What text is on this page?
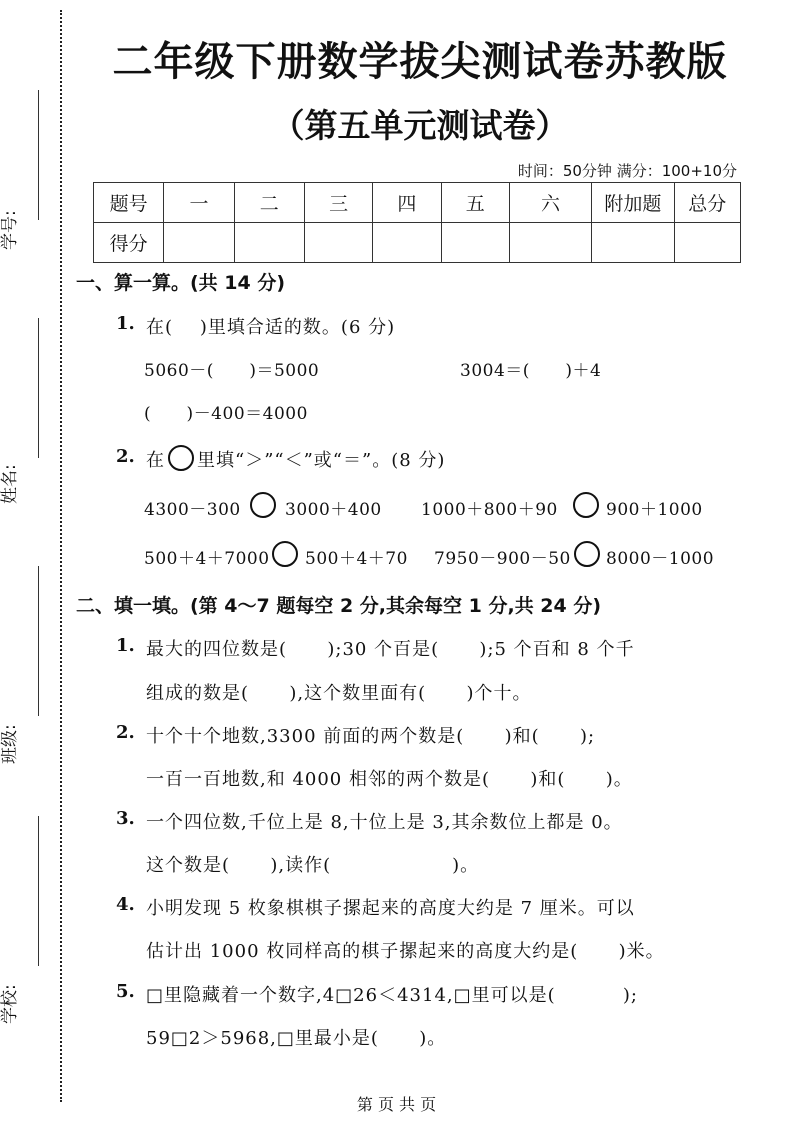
学号:
姓名:
班级:
学校:
二年级下册数学拔尖测试卷苏教版
（第五单元测试卷）
时间：50分钟 满分：100+10分
题号	一	二	三	四	五	六	附加题	总分
得分								
一、算一算。(共 14 分)
1. 在(    )里填合适的数。(6 分)
5060－(      )＝5000	3004＝(      )＋4
(      )－400＝4000
2. 在 里填“＞”“＜”或“＝”。(8 分)
4300－300	3000＋400 1000＋800＋90	900＋1000
500＋4＋7000 500＋4＋70 7950－900－50 8000－1000
二、填一填。(第 4～7 题每空 2 分,其余每空 1 分,共 24 分)
1. 最大的四位数是(      );30 个百是(      );5 个百和 8 个千
组成的数是(      ),这个数里面有(      )个十。
2. 十个十个地数,3300 前面的两个数是(      )和(      );
一百一百地数,和 4000 相邻的两个数是(      )和(      )。
3. 一个四位数,千位上是 8,十位上是 3,其余数位上都是 0。
这个数是(      ),读作(                  )。
4. 小明发现 5 枚象棋棋子摞起来的高度大约是 7 厘米。可以
估计出 1000 枚同样高的棋子摞起来的高度大约是(      )米。
5. □里隐藏着一个数字,4□26＜4314,□里可以是(          );
59□2＞5968,□里最小是(      )。
第 页 共 页
